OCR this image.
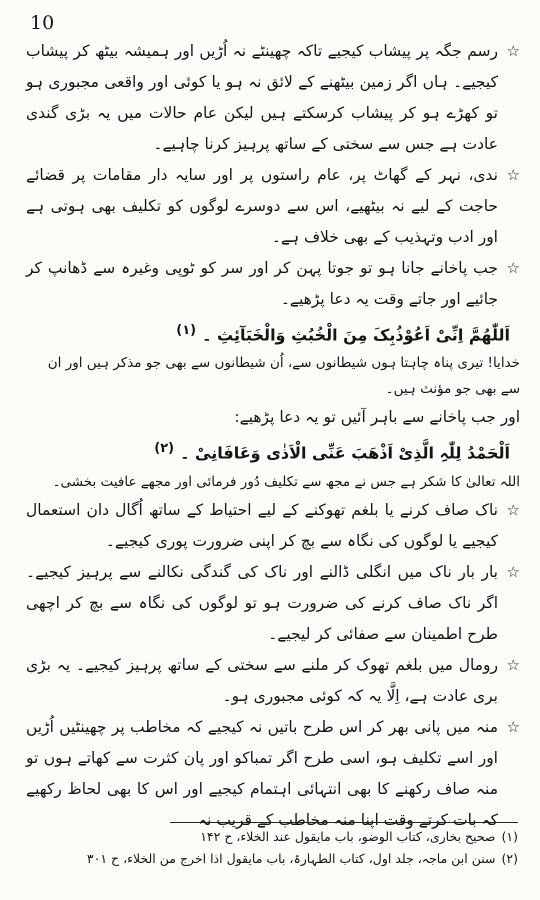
10

☆
رسم جگہ پر پیشاب کیجیے تاکہ چھینٹے نہ اُڑیں اور ہمیشہ بیٹھ کر پیشاب کیجیے۔ ہاں اگر زمین بیٹھنے کے لائق نہ ہو یا کوئی اور واقعی مجبوری ہو تو کھڑے ہو کر پیشاب کرسکتے ہیں لیکن عام حالات میں یہ بڑی گندی عادت ہے جس سے سختی کے ساتھ پرہیز کرنا چاہیے۔

☆
ندی، نہر کے گھاٹ پر، عام راستوں پر اور سایہ دار مقامات پر قضائے حاجت کے لیے نہ بیٹھیے، اس سے دوسرے لوگوں کو تکلیف بھی ہوتی ہے اور ادب وتہذیب کے بھی خلاف ہے۔

☆
جب پاخانے جانا ہو تو جوتا پہن کر اور سر کو ٹوپی وغیرہ سے ڈھانپ کر جائیے اور جاتے وقت یہ دعا پڑھیے۔

اَللّٰھُمَّ اِنِّیْ اَعُوْذُبِکَ مِنَ الْخُبُثِ وَالْخَبَآئِثِ ۔$^{(۱)}$

خدایا! تیری پناہ چاہتا ہوں شیطانوں سے، اُن شیطانوں سے بھی جو مذکر ہیں اور ان سے بھی جو مؤنث ہیں۔

اور جب پاخانے سے باہر آئیں تو یہ دعا پڑھیے:

اَلْحَمْدُ لِلّٰہِ الَّذِیْ اَذْھَبَ عَنِّی الْاَذٰی وَعَافَانِیْ ۔$^{(۲)}$

اللہ تعالیٰ کا شکر ہے جس نے مجھ سے تکلیف دُور فرمائی اور مجھے عافیت بخشی۔

☆
ناک صاف کرنے یا بلغم تھوکنے کے لیے احتیاط کے ساتھ اُگال دان استعمال کیجیے یا لوگوں کی نگاہ سے بچ کر اپنی ضرورت پوری کیجیے۔

☆
بار بار ناک میں انگلی ڈالنے اور ناک کی گندگی نکالنے سے پرہیز کیجیے۔ اگر ناک صاف کرنے کی ضرورت ہو تو لوگوں کی نگاہ سے بچ کر اچھی طرح اطمینان سے صفائی کر لیجیے۔

☆
رومال میں بلغم تھوک کر ملنے سے سختی کے ساتھ پرہیز کیجیے۔ یہ بڑی بری عادت ہے، اِلَّا یہ کہ کوئی مجبوری ہو۔

☆
منہ میں پانی بھر کر اس طرح باتیں نہ کیجیے کہ مخاطب پر چھینٹیں اُڑیں اور اسے تکلیف ہو، اسی طرح اگر تمباکو اور پان کثرت سے کھاتے ہوں تو منہ صاف رکھنے کا بھی انتہائی اہتمام کیجیے اور اس کا بھی لحاظ رکھیے کہ بات کرتے وقت اپنا منہ مخاطب کے قریب نہ

(۱)صحیح بخاری، کتاب الوضو، باب مایقول عند الخلاء، ح ۱۴۲

(۲)سنن ابن ماجہ، جلد اول، کتاب الطہارۃ، باب مایقول اذا اخرج من الخلاء، ح ۳۰۱
